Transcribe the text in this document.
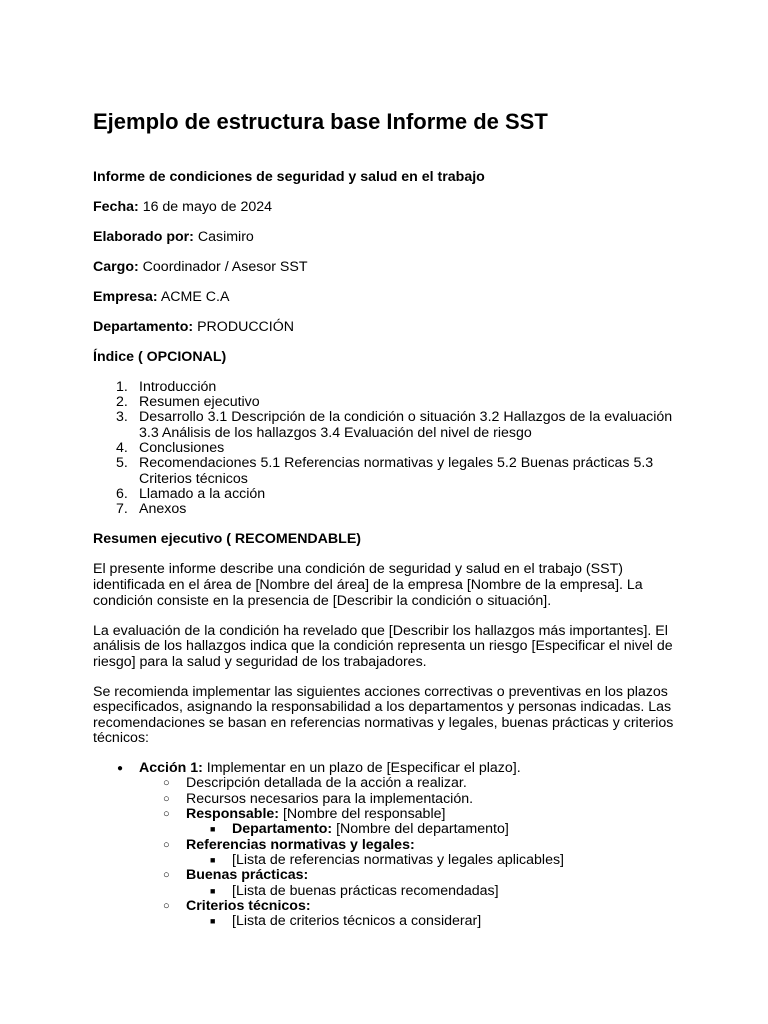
Ejemplo de estructura base Informe de SST
Informe de condiciones de seguridad y salud en el trabajo
Fecha: 16 de mayo de 2024
Elaborado por: Casimiro
Cargo: Coordinador / Asesor SST
Empresa: ACME C.A
Departamento: PRODUCCIÓN
Índice ( OPCIONAL)
1. Introducción
2. Resumen ejecutivo
3. Desarrollo 3.1 Descripción de la condición o situación 3.2 Hallazgos de la evaluación
3.3 Análisis de los hallazgos 3.4 Evaluación del nivel de riesgo
4. Conclusiones
5. Recomendaciones 5.1 Referencias normativas y legales 5.2 Buenas prácticas 5.3
Criterios técnicos
6. Llamado a la acción
7. Anexos
Resumen ejecutivo ( RECOMENDABLE)
El presente informe describe una condición de seguridad y salud en el trabajo (SST)
identificada en el área de [Nombre del área] de la empresa [Nombre de la empresa]. La
condición consiste en la presencia de [Describir la condición o situación].
La evaluación de la condición ha revelado que [Describir los hallazgos más importantes]. El
análisis de los hallazgos indica que la condición representa un riesgo [Especificar el nivel de
riesgo] para la salud y seguridad de los trabajadores.
Se recomienda implementar las siguientes acciones correctivas o preventivas en los plazos
especificados, asignando la responsabilidad a los departamentos y personas indicadas. Las
recomendaciones se basan en referencias normativas y legales, buenas prácticas y criterios
técnicos:
● Acción 1: Implementar en un plazo de [Especificar el plazo].
○ Descripción detallada de la acción a realizar.
○ Recursos necesarios para la implementación.
○ Responsable: [Nombre del responsable]
■ Departamento: [Nombre del departamento]
○ Referencias normativas y legales:
■ [Lista de referencias normativas y legales aplicables]
○ Buenas prácticas:
■ [Lista de buenas prácticas recomendadas]
○ Criterios técnicos:
■ [Lista de criterios técnicos a considerar]
